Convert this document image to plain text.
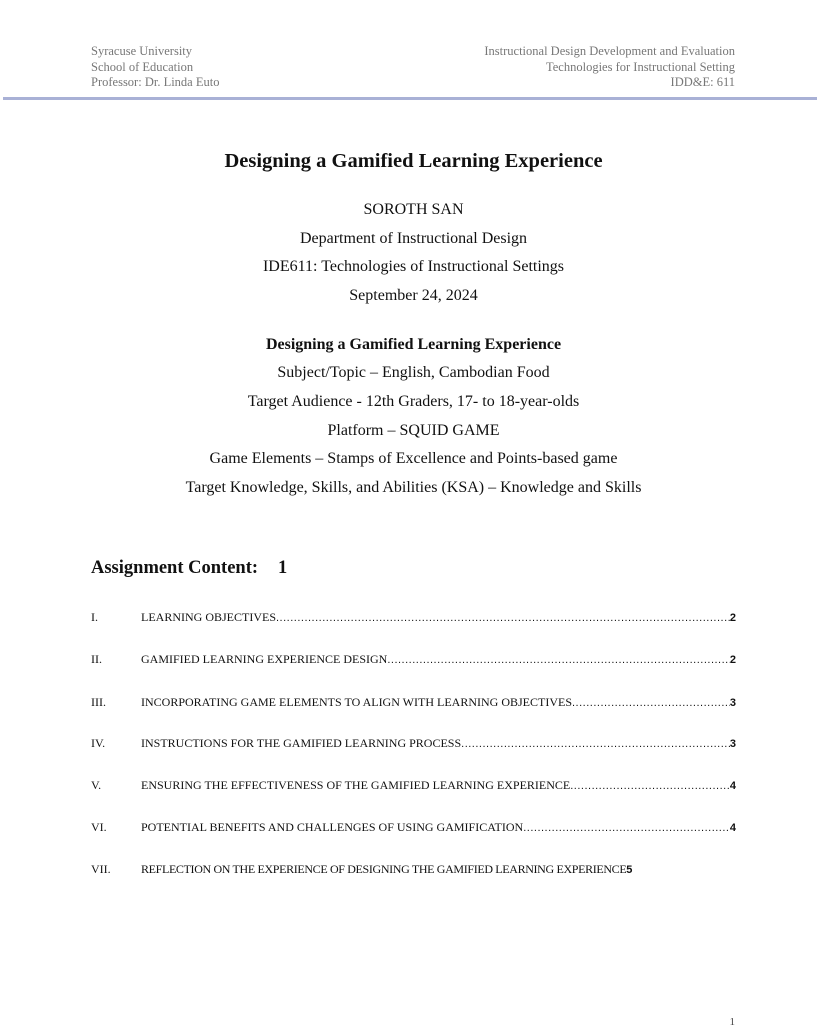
Syracuse University
School of Education
Professor: Dr. Linda Euto
Instructional Design Development and Evaluation
Technologies for Instructional Setting
IDD&E: 611
Designing a Gamified Learning Experience
SOROTH SAN
Department of Instructional Design
IDE611: Technologies of Instructional Settings
September 24, 2024
Designing a Gamified Learning Experience
Subject/Topic – English, Cambodian Food
Target Audience - 12th Graders, 17- to 18-year-olds
Platform – SQUID GAME
Game Elements – Stamps of Excellence and Points-based game
Target Knowledge, Skills, and Abilities (KSA) – Knowledge and Skills
Assignment Content: 1
I.	LEARNING OBJECTIVES .....	2
II.	GAMIFIED LEARNING EXPERIENCE DESIGN .....	2
III.	INCORPORATING GAME ELEMENTS TO ALIGN WITH LEARNING OBJECTIVES .....	3
IV.	INSTRUCTIONS FOR THE GAMIFIED LEARNING PROCESS .....	3
V.	ENSURING THE EFFECTIVENESS OF THE GAMIFIED LEARNING EXPERIENCE .....	4
VI.	POTENTIAL BENEFITS AND CHALLENGES OF USING GAMIFICATION .....	4
VII.	REFLECTION ON THE EXPERIENCE OF DESIGNING THE GAMIFIED LEARNING EXPERIENCE 5
1
